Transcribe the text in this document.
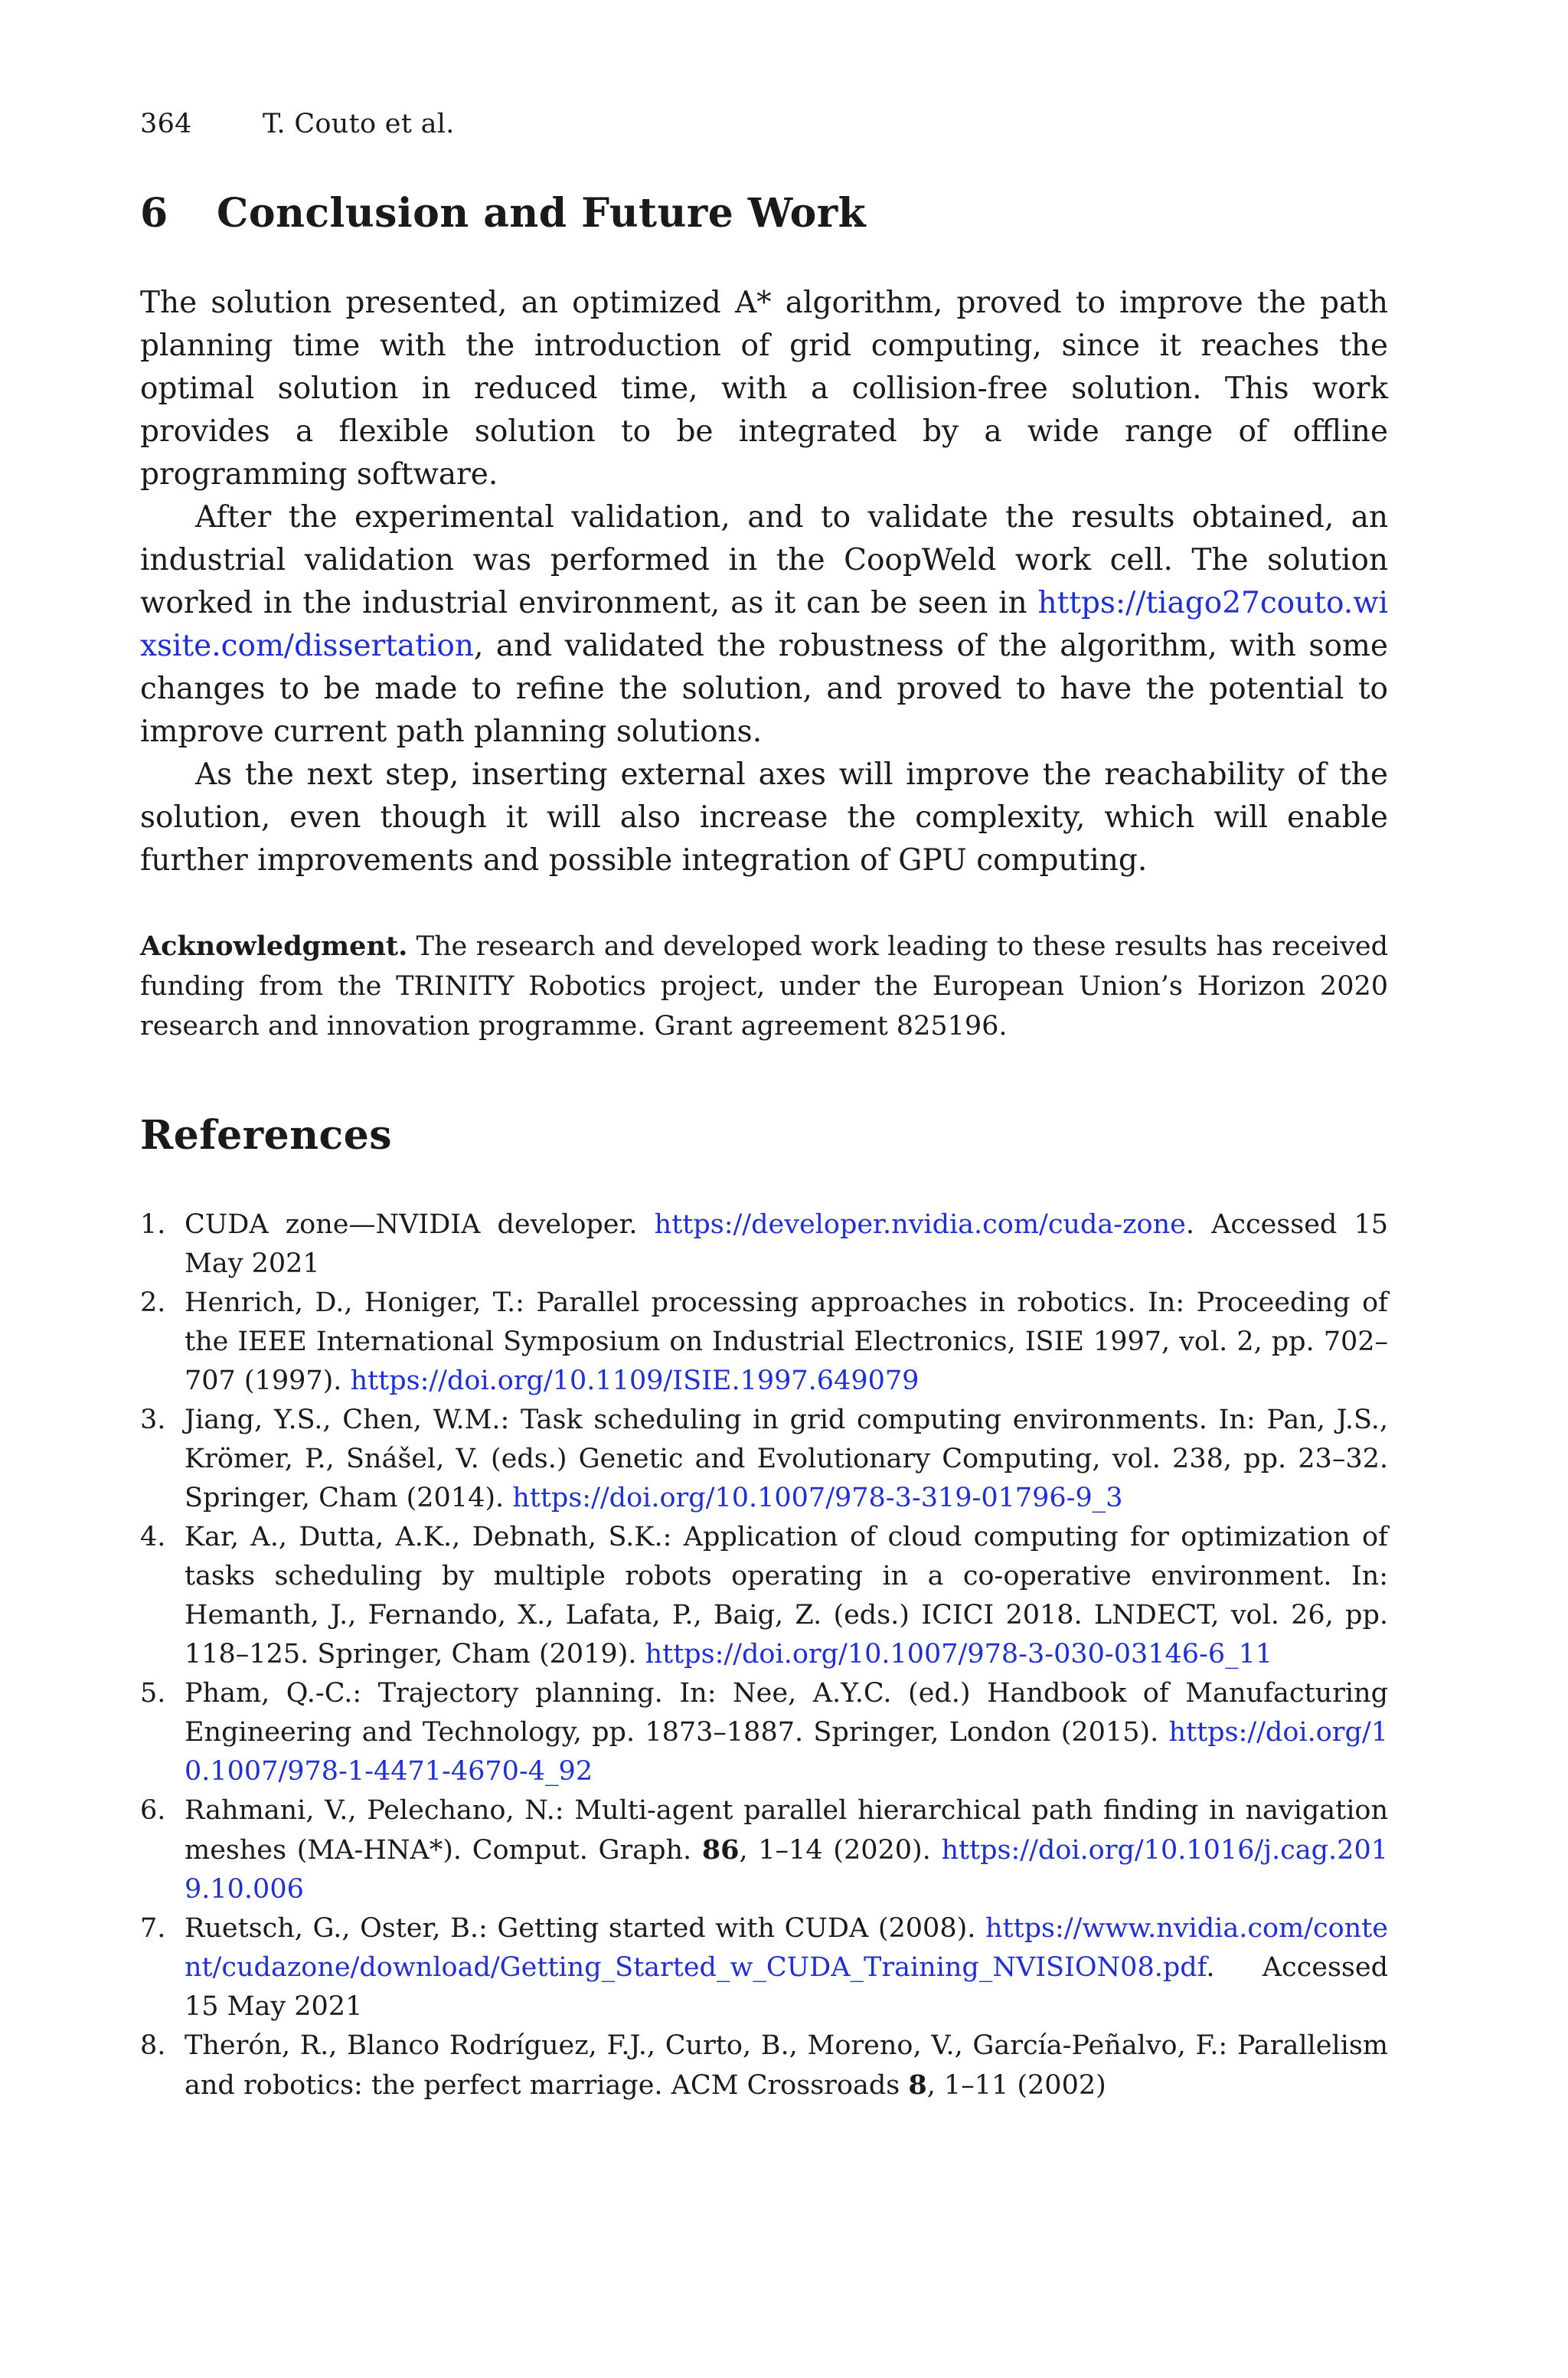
364	T. Couto et al.
6 Conclusion and Future Work

The solution presented, an optimized A* algorithm, proved to improve the path planning time with the introduction of grid computing, since it reaches the optimal solution in reduced time, with a collision-free solution. This work provides a flexible solution to be integrated by a wide range of offline programming software.

After the experimental validation, and to validate the results obtained, an industrial validation was performed in the CoopWeld work cell. The solution worked in the industrial environment, as it can be seen in https://tiago27couto.wixsite.com/dissertation, and validated the robustness of the algorithm, with some changes to be made to refine the solution, and proved to have the potential to improve current path planning solutions.

As the next step, inserting external axes will improve the reachability of the solution, even though it will also increase the complexity, which will enable further improvements and possible integration of GPU computing.

Acknowledgment. The research and developed work leading to these results has received funding from the TRINITY Robotics project, under the European Union’s Horizon 2020 research and innovation programme. Grant agreement 825196.
References
1. CUDA zone—NVIDIA developer. https://developer.nvidia.com/cuda-zone. Accessed 15 May 2021
2. Henrich, D., Honiger, T.: Parallel processing approaches in robotics. In: Proceeding of the IEEE International Symposium on Industrial Electronics, ISIE 1997, vol. 2, pp. 702–707 (1997). https://doi.org/10.1109/ISIE.1997.649079
3. Jiang, Y.S., Chen, W.M.: Task scheduling in grid computing environments. In: Pan, J.S., Krömer, P., Snášel, V. (eds.) Genetic and Evolutionary Computing, vol. 238, pp. 23–32. Springer, Cham (2014). https://doi.org/10.1007/978-3-319-01796-9_3
4. Kar, A., Dutta, A.K., Debnath, S.K.: Application of cloud computing for optimization of tasks scheduling by multiple robots operating in a co-operative environment. In: Hemanth, J., Fernando, X., Lafata, P., Baig, Z. (eds.) ICICI 2018. LNDECT, vol. 26, pp. 118–125. Springer, Cham (2019). https://doi.org/10.1007/978-3-030-03146-6_11
5. Pham, Q.-C.: Trajectory planning. In: Nee, A.Y.C. (ed.) Handbook of Manufacturing Engineering and Technology, pp. 1873–1887. Springer, London (2015). https://doi.org/10.1007/978-1-4471-4670-4_92
6. Rahmani, V., Pelechano, N.: Multi-agent parallel hierarchical path finding in navigation meshes (MA-HNA*). Comput. Graph. 86, 1–14 (2020). https://doi.org/10.1016/j.cag.2019.10.006
7. Ruetsch, G., Oster, B.: Getting started with CUDA (2008). https://www.nvidia.com/content/cudazone/download/Getting_Started_w_CUDA_Training_NVISION08.pdf. Accessed 15 May 2021
8. Therón, R., Blanco Rodríguez, F.J., Curto, B., Moreno, V., García-Peñalvo, F.: Parallelism and robotics: the perfect marriage. ACM Crossroads 8, 1–11 (2002)
